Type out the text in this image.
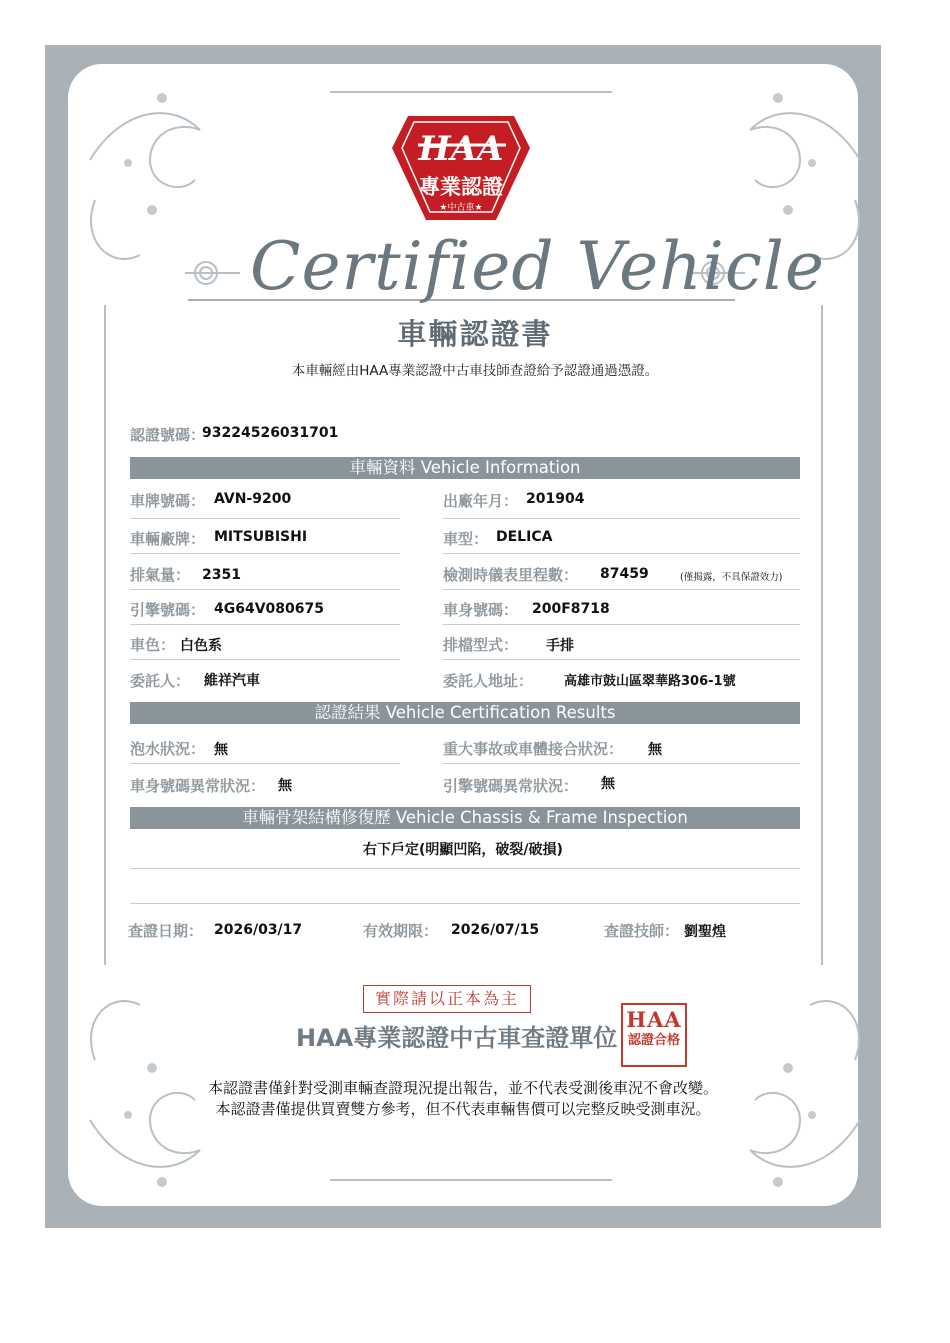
HAA
專業認證
★中古車★
Certified Vehicle
車輛認證書
本車輛經由HAA專業認證中古車技師查證給予認證通過憑證。
認證號碼：
93224526031701
車輛資料 Vehicle Information
車牌號碼： AVN-9200	出廠年月： 201904
車輛廠牌： MITSUBISHI	車型： DELICA
排氣量： 2351	檢測時儀表里程數： 87459	(僅揭露，不具保證效力)
引擎號碼： 4G64V080675	車身號碼： 200F8718
車色： 白色系	排檔型式： 手排
委託人： 維祥汽車	委託人地址： 高雄市鼓山區翠華路306-1號
認證結果 Vehicle Certification Results
泡水狀況： 無	重大事故或車體接合狀況： 無
車身號碼異常狀況： 無	引擎號碼異常狀況： 無
車輛骨架結構修復歷 Vehicle Chassis & Frame Inspection
右下戶定(明顯凹陷，破裂/破損)
查證日期： 2026/03/17	有效期限： 2026/07/15	查證技師： 劉聖煌
實際請以正本為主
HAA專業認證中古車查證單位
HAA
認證合格
本認證書僅針對受測車輛查證現況提出報告，並不代表受測後車況不會改變。
本認證書僅提供買賣雙方參考，但不代表車輛售價可以完整反映受測車況。
